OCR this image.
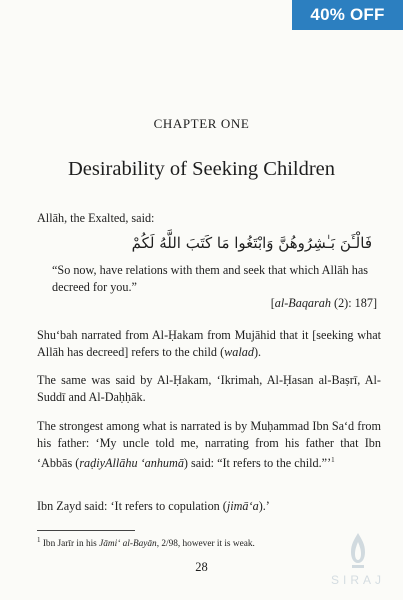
40% OFF
CHAPTER ONE
Desirability of Seeking Children
Allāh, the Exalted, said:
فَالْـَٔنَ بَـٰشِرُوهُنَّ وَابْتَغُوا مَا كَتَبَ اللَّهُ لَكُمْ
“So now, have relations with them and seek that which Allāh has decreed for you.”
[al-Baqarah (2): 187]
Shu‘bah narrated from Al-Ḥakam from Mujāhid that it [seeking what Allāh has decreed] refers to the child (walad).
The same was said by Al-Ḥakam, ‘Ikrimah, Al-Ḥasan al-Baṣrī, Al-Suddī and Al-Daḥḥāk.
The strongest among what is narrated is by Muḥammad Ibn Sa‘d from his father: ‘My uncle told me, narrating from his father that Ibn ‘Abbās (raḍiyAllāhu ‘anhumā) said: “It refers to the child.”’$^1$
Ibn Zayd said: ‘It refers to copulation (jimā‘a).’
$^1$ Ibn Jarīr in his Jāmi‘ al-Bayān, 2/98, however it is weak.
28
SIRAJ
